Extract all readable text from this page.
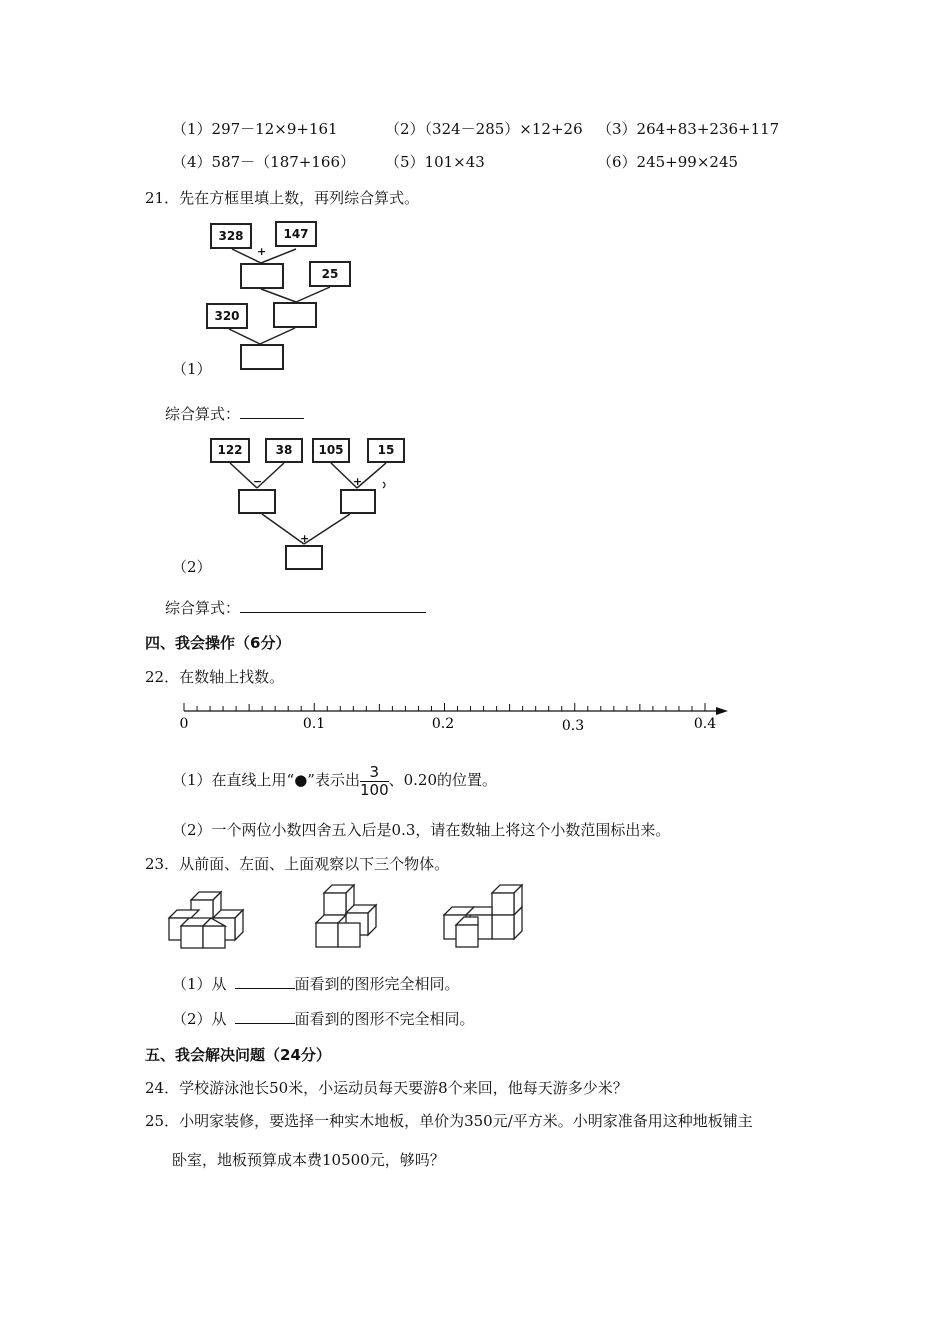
（1）297－12×9+161	（2）（324－285）×12+26 （3）264+83+236+117
（4）587－（187+166） （5）101×43	（6）245+99×245
21．先在方框里填上数，再列综合算式。
328	147
+
25
320
（1）
综合算式：
122	38	105	15
−	+
+
（2）
综合算式：
四、我会操作（6分）
22．在数轴上找数。
0	0.1	0.2	0.3	0.4
（1）在直线上用“●”表示出 $\frac{3}{100}$ 、0.20的位置。
（2）一个两位小数四舍五入后是0.3，请在数轴上将这个小数范围标出来。
23．从前面、左面、上面观察以下三个物体。
（1）从	面看到的图形完全相同。
（2）从	面看到的图形不完全相同。
五、我会解决问题（24分）
24．学校游泳池长50米，小运动员每天要游8个来回，他每天游多少米？
25．小明家装修，要选择一种实木地板，单价为350元/平方米。小明家准备用这种地板铺主
卧室，地板预算成本费10500元，够吗？
